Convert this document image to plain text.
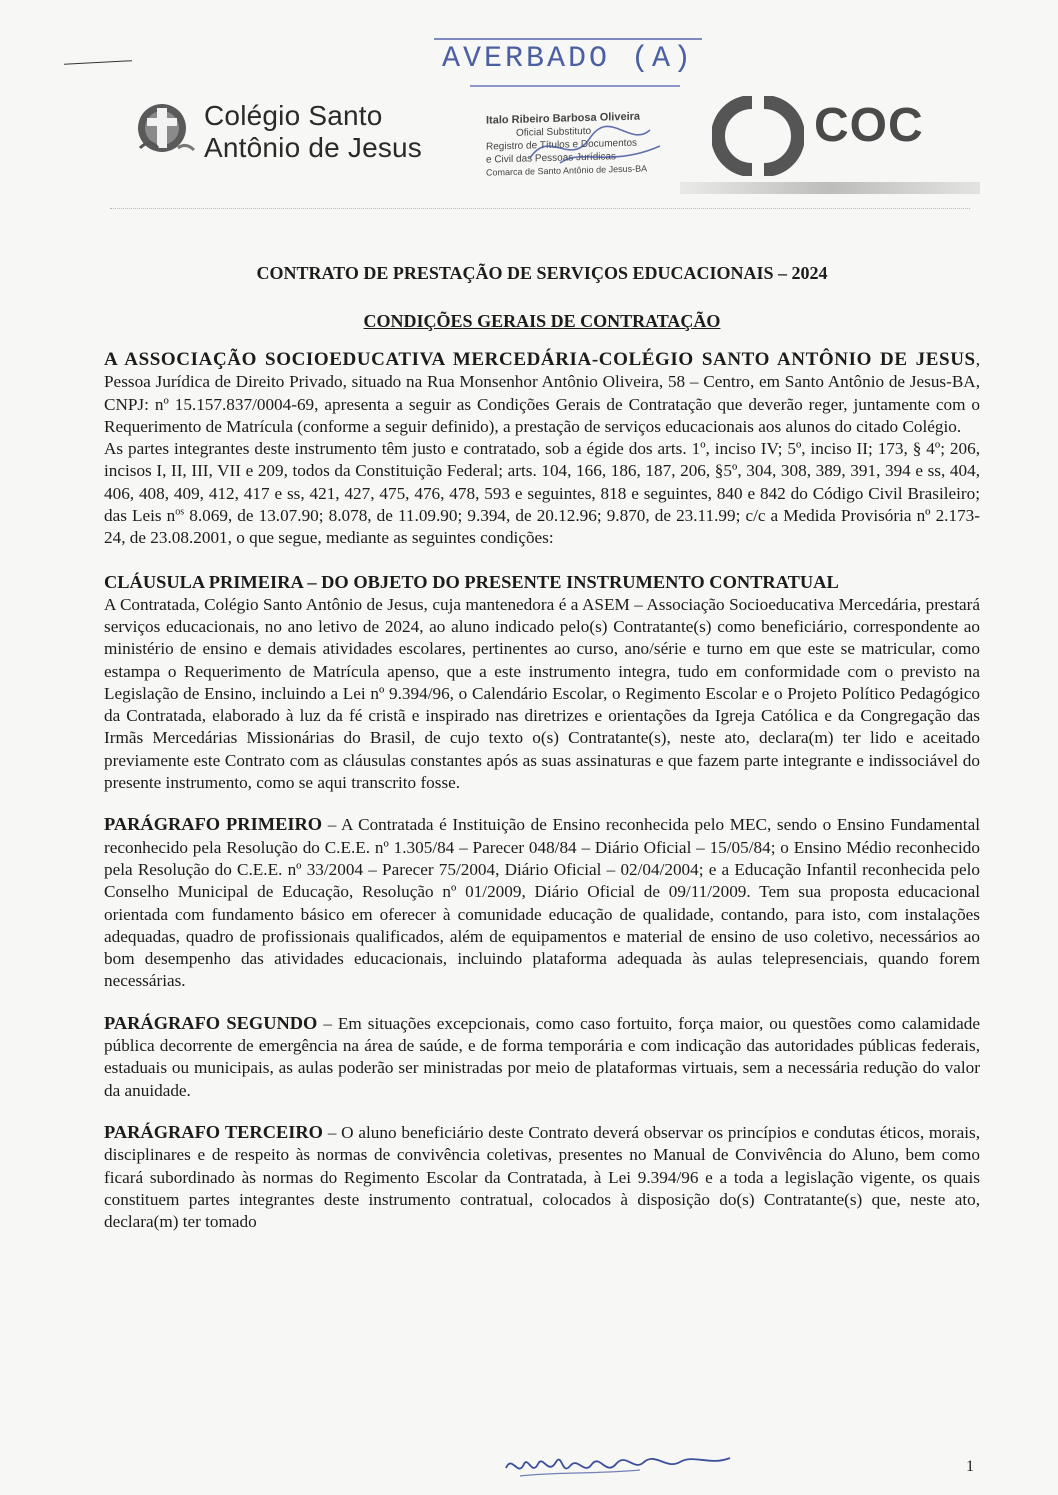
AVERBADO (A)
Colégio Santo
Antônio de Jesus
Italo Ribeiro Barbosa Oliveira
Oficial Substituto
Registro de Títulos e Documentos
e Civil das Pessoas Jurídicas
Comarca de Santo Antônio de Jesus-BA
COC
CONTRATO DE PRESTAÇÃO DE SERVIÇOS EDUCACIONAIS – 2024
CONDIÇÕES GERAIS DE CONTRATAÇÃO

A ASSOCIAÇÃO SOCIOEDUCATIVA MERCEDÁRIA-COLÉGIO SANTO ANTÔNIO DE JESUS, Pessoa Jurídica de Direito Privado, situado na Rua Monsenhor Antônio Oliveira, 58 – Centro, em Santo Antônio de Jesus-BA, CNPJ: nº 15.157.837/0004-69, apresenta a seguir as Condições Gerais de Contratação que deverão reger, juntamente com o Requerimento de Matrícula (conforme a seguir definido), a prestação de serviços educacionais aos alunos do citado Colégio.

As partes integrantes deste instrumento têm justo e contratado, sob a égide dos arts. 1º, inciso IV; 5º, inciso II; 173, § 4º; 206, incisos I, II, III, VII e 209, todos da Constituição Federal; arts. 104, 166, 186, 187, 206, §5º, 304, 308, 389, 391, 394 e ss, 404, 406, 408, 409, 412, 417 e ss, 421, 427, 475, 476, 478, 593 e seguintes, 818 e seguintes, 840 e 842 do Código Civil Brasileiro; das Leis $n^{os}$ 8.069, de 13.07.90; 8.078, de 11.09.90; 9.394, de 20.12.96; 9.870, de 23.11.99; c/c a Medida Provisória nº 2.173-24, de 23.08.2001, o que segue, mediante as seguintes condições:

CLÁUSULA PRIMEIRA – DO OBJETO DO PRESENTE INSTRUMENTO CONTRATUAL

A Contratada, Colégio Santo Antônio de Jesus, cuja mantenedora é a ASEM – Associação Socioeducativa Mercedária, prestará serviços educacionais, no ano letivo de 2024, ao aluno indicado pelo(s) Contratante(s) como beneficiário, correspondente ao ministério de ensino e demais atividades escolares, pertinentes ao curso, ano/série e turno em que este se matricular, como estampa o Requerimento de Matrícula apenso, que a este instrumento integra, tudo em conformidade com o previsto na Legislação de Ensino, incluindo a Lei nº 9.394/96, o Calendário Escolar, o Regimento Escolar e o Projeto Político Pedagógico da Contratada, elaborado à luz da fé cristã e inspirado nas diretrizes e orientações da Igreja Católica e da Congregação das Irmãs Mercedárias Missionárias do Brasil, de cujo texto o(s) Contratante(s), neste ato, declara(m) ter lido e aceitado previamente este Contrato com as cláusulas constantes após as suas assinaturas e que fazem parte integrante e indissociável do presente instrumento, como se aqui transcrito fosse.

PARÁGRAFO PRIMEIRO – A Contratada é Instituição de Ensino reconhecida pelo MEC, sendo o Ensino Fundamental reconhecido pela Resolução do C.E.E. nº 1.305/84 – Parecer 048/84 – Diário Oficial – 15/05/84; o Ensino Médio reconhecido pela Resolução do C.E.E. nº 33/2004 – Parecer 75/2004, Diário Oficial – 02/04/2004; e a Educação Infantil reconhecida pelo Conselho Municipal de Educação, Resolução nº 01/2009, Diário Oficial de 09/11/2009. Tem sua proposta educacional orientada com fundamento básico em oferecer à comunidade educação de qualidade, contando, para isto, com instalações adequadas, quadro de profissionais qualificados, além de equipamentos e material de ensino de uso coletivo, necessários ao bom desempenho das atividades educacionais, incluindo plataforma adequada às aulas telepresenciais, quando forem necessárias.

PARÁGRAFO SEGUNDO – Em situações excepcionais, como caso fortuito, força maior, ou questões como calamidade pública decorrente de emergência na área de saúde, e de forma temporária e com indicação das autoridades públicas federais, estaduais ou municipais, as aulas poderão ser ministradas por meio de plataformas virtuais, sem a necessária redução do valor da anuidade.

PARÁGRAFO TERCEIRO – O aluno beneficiário deste Contrato deverá observar os princípios e condutas éticos, morais, disciplinares e de respeito às normas de convivência coletivas, presentes no Manual de Convivência do Aluno, bem como ficará subordinado às normas do Regimento Escolar da Contratada, à Lei 9.394/96 e a toda a legislação vigente, os quais constituem partes integrantes deste instrumento contratual, colocados à disposição do(s) Contratante(s) que, neste ato, declara(m) ter tomado

1
